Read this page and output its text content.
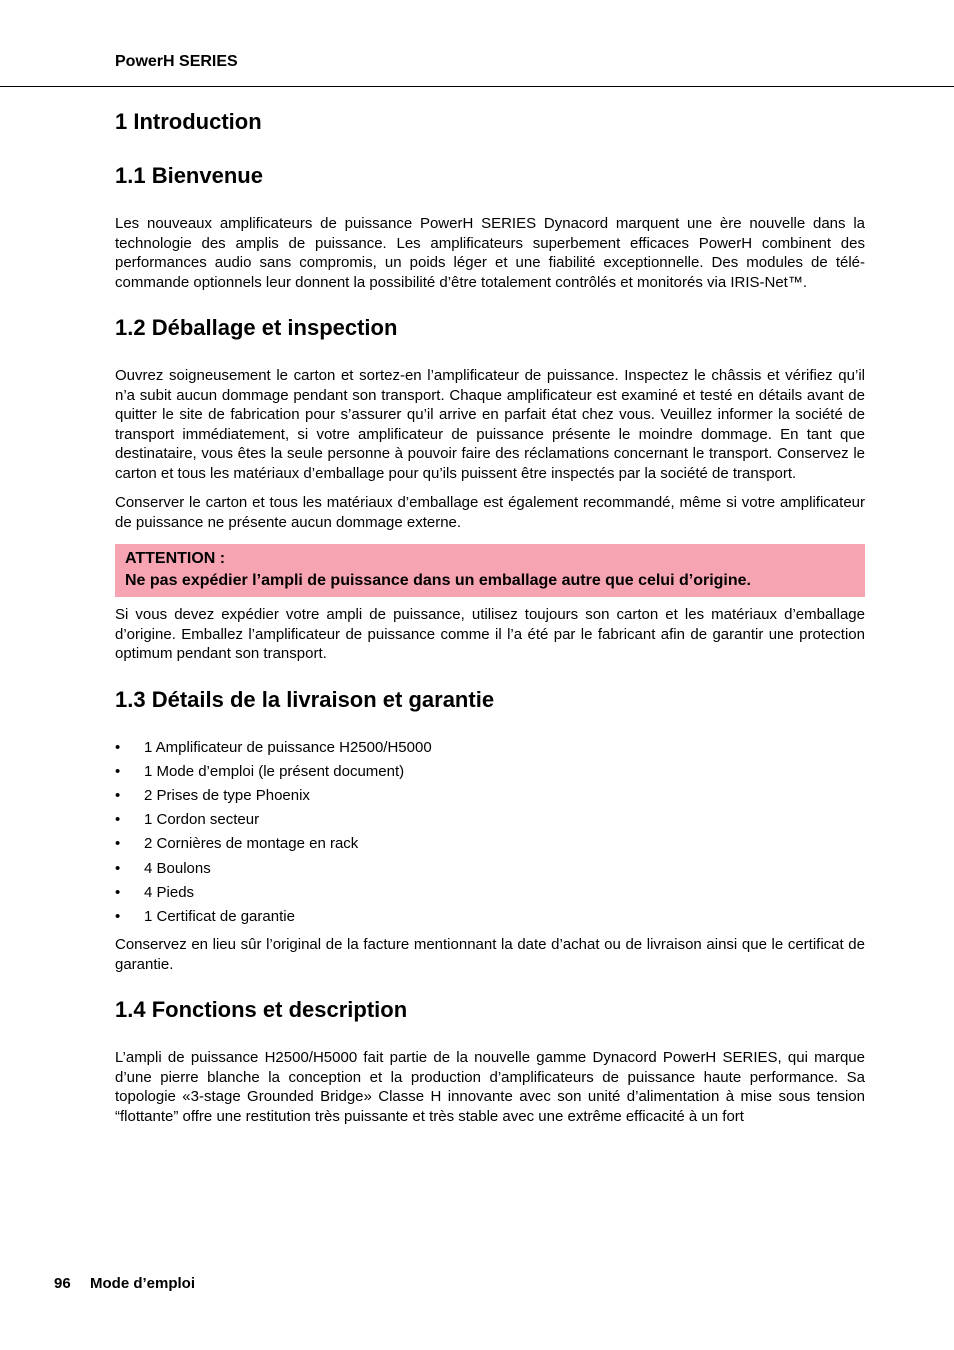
PowerH SERIES
1 Introduction
1.1 Bienvenue

Les nouveaux amplificateurs de puissance PowerH SERIES Dynacord marquent une ère nouvelle dans la technologie des amplis de puissance. Les amplificateurs superbement efficaces PowerH combinent des performances audio sans compromis, un poids léger et une fiabilité exceptionnelle. Des modules de télécommande optionnels leur donnent la possibilité d’être totalement contrôlés et monitorés via IRIS-Net™.

1.2 Déballage et inspection

Ouvrez soigneusement le carton et sortez-en l’amplificateur de puissance. Inspectez le châssis et vérifiez qu’il n’a subit aucun dommage pendant son transport. Chaque amplificateur est examiné et testé en détails avant de quitter le site de fabrication pour s’assurer qu’il arrive en parfait état chez vous. Veuillez informer la société de transport immédiatement, si votre amplificateur de puissance présente le moindre dommage. En tant que destinataire, vous êtes la seule personne à pouvoir faire des réclamations concernant le transport. Conservez le carton et tous les matériaux d’emballage pour qu’ils puissent être inspectés par la société de transport.

Conserver le carton et tous les matériaux d’emballage est également recommandé, même si votre amplificateur de puissance ne présente aucun dommage externe.

ATTENTION :
Ne pas expédier l’ampli de puissance dans un emballage autre que celui d’origine.

Si vous devez expédier votre ampli de puissance, utilisez toujours son carton et les matériaux d’emballage d’origine. Emballez l’amplificateur de puissance comme il l’a été par le fabricant afin de garantir une protection optimum pendant son transport.

1.3 Détails de la livraison et garantie
• 1 Amplificateur de puissance H2500/H5000
• 1 Mode d’emploi (le présent document)
• 2 Prises de type Phoenix
• 1 Cordon secteur
• 2 Cornières de montage en rack
• 4 Boulons
• 4 Pieds
• 1 Certificat de garantie

Conservez en lieu sûr l’original de la facture mentionnant la date d’achat ou de livraison ainsi que le certificat de garantie.

1.4 Fonctions et description

L’ampli de puissance H2500/H5000 fait partie de la nouvelle gamme Dynacord PowerH SERIES, qui marque d’une pierre blanche la conception et la production d’amplificateurs de puissance haute performance. Sa topologie «3-stage Grounded Bridge» Classe H innovante avec son unité d’alimentation à mise sous tension “flottante” offre une restitution très puissante et très stable avec une extrême efficacité à un fort

96 Mode d’emploi
